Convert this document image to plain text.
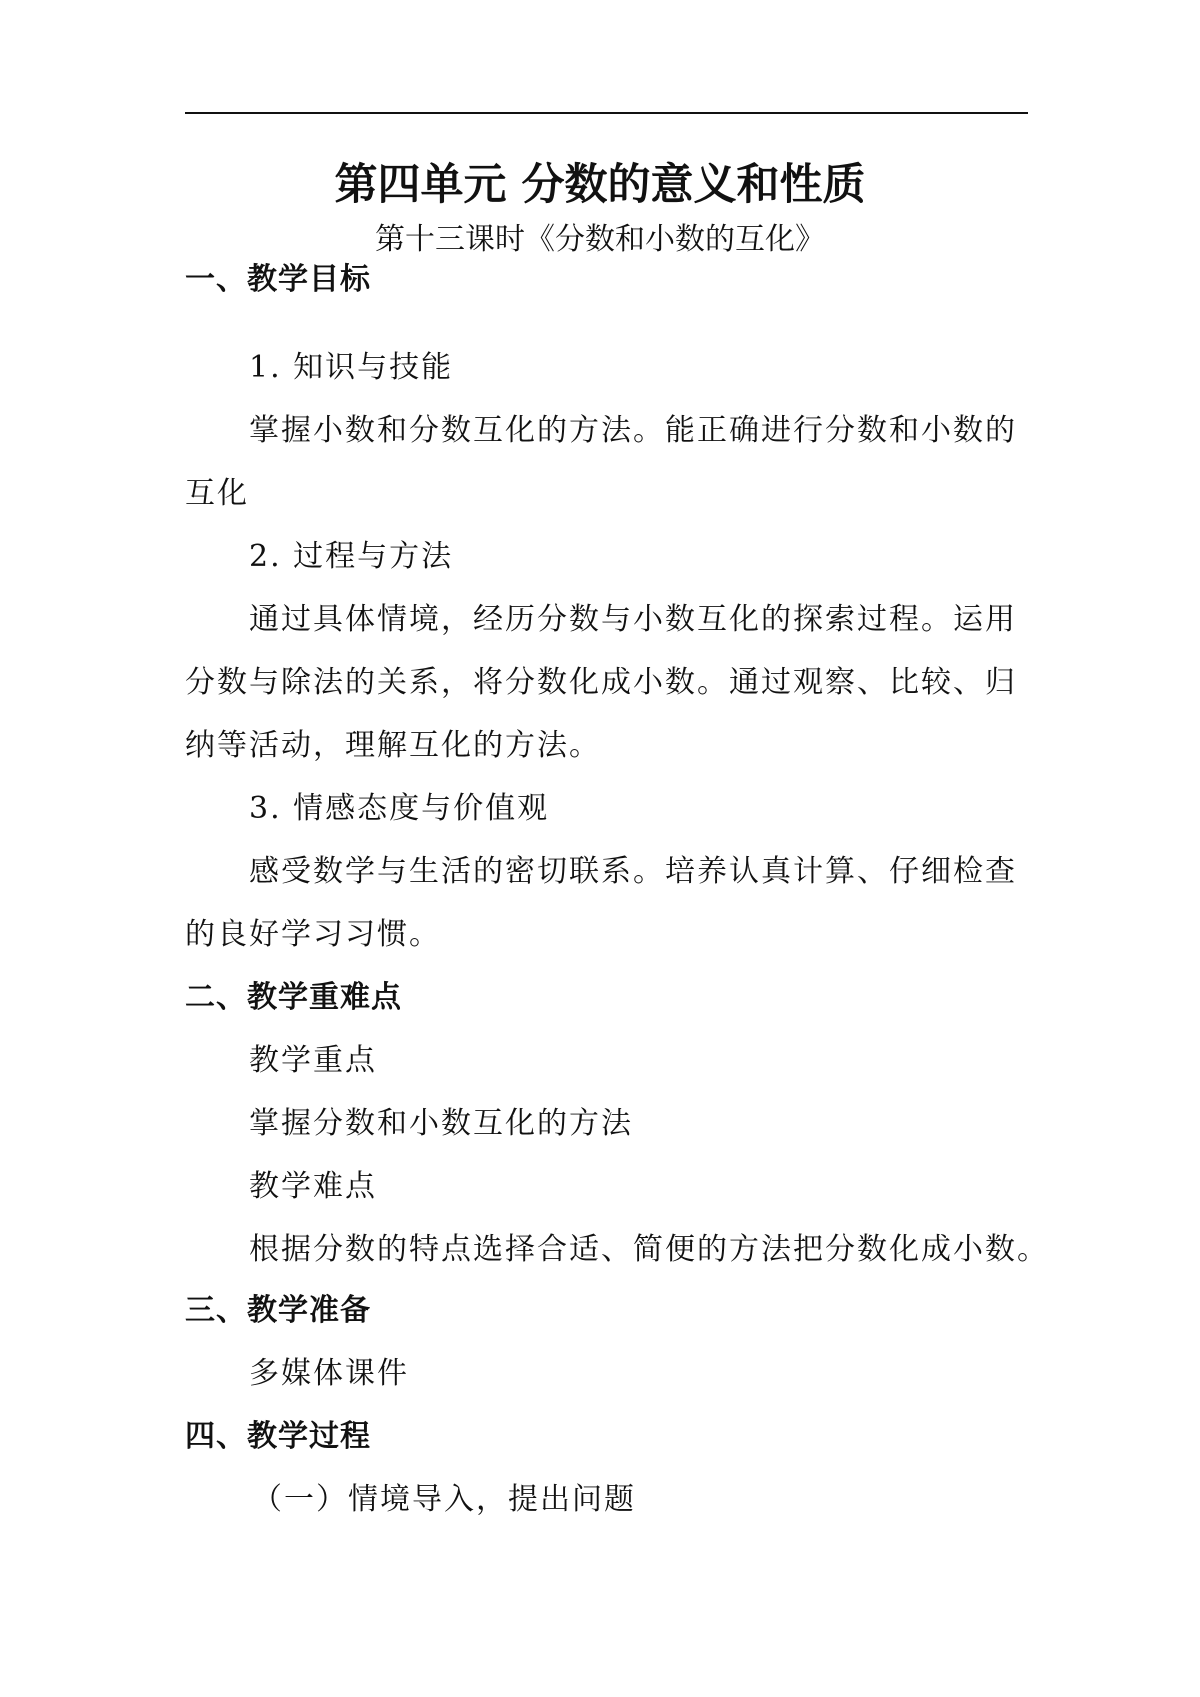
第四单元 分数的意义和性质
第十三课时《分数和小数的互化》
一、教学目标
1. 知识与技能
掌握小数和分数互化的方法。能正确进行分数和小数的
互化
2. 过程与方法
通过具体情境，经历分数与小数互化的探索过程。运用
分数与除法的关系，将分数化成小数。通过观察、比较、归
纳等活动，理解互化的方法。
3. 情感态度与价值观
感受数学与生活的密切联系。培养认真计算、仔细检查
的良好学习习惯。
二、教学重难点
教学重点
掌握分数和小数互化的方法
教学难点
根据分数的特点选择合适、简便的方法把分数化成小数。
三、教学准备
多媒体课件
四、教学过程
（一）情境导入，提出问题
